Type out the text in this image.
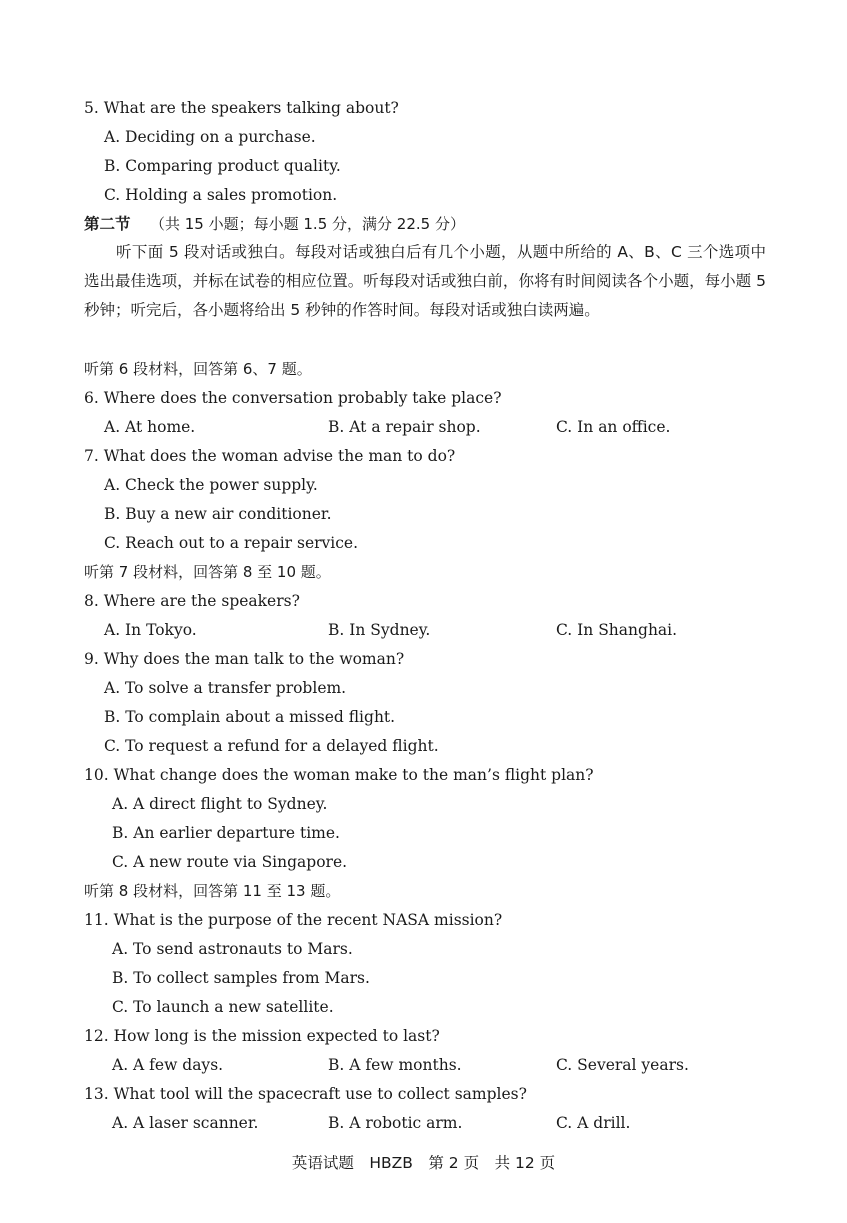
5. What are the speakers talking about?
A. Deciding on a purchase.
B. Comparing product quality.
C. Holding a sales promotion.
第二节 （共 15 小题；每小题 1.5 分，满分 22.5 分）
听下面 5 段对话或独白。每段对话或独白后有几个小题，从题中所给的 A、B、C 三个选项中选出最佳选项，并标在试卷的相应位置。听每段对话或独白前，你将有时间阅读各个小题，每小题 5 秒钟；听完后，各小题将给出 5 秒钟的作答时间。每段对话或独白读两遍。
听第 6 段材料，回答第 6、7 题。
6. Where does the conversation probably take place?
A. At home.	B. At a repair shop.	C. In an office.
7. What does the woman advise the man to do?
A. Check the power supply.
B. Buy a new air conditioner.
C. Reach out to a repair service.
听第 7 段材料，回答第 8 至 10 题。
8. Where are the speakers?
A. In Tokyo.	B. In Sydney.	C. In Shanghai.
9. Why does the man talk to the woman?
A. To solve a transfer problem.
B. To complain about a missed flight.
C. To request a refund for a delayed flight.
10. What change does the woman make to the man’s flight plan?
A. A direct flight to Sydney.
B. An earlier departure time.
C. A new route via Singapore.
听第 8 段材料，回答第 11 至 13 题。
11. What is the purpose of the recent NASA mission?
A. To send astronauts to Mars.
B. To collect samples from Mars.
C. To launch a new satellite.
12. How long is the mission expected to last?
A. A few days.	B. A few months.	C. Several years.
13. What tool will the spacecraft use to collect samples?
A. A laser scanner.	B. A robotic arm.	C. A drill.
英语试题　HBZB　第 2 页　共 12 页
